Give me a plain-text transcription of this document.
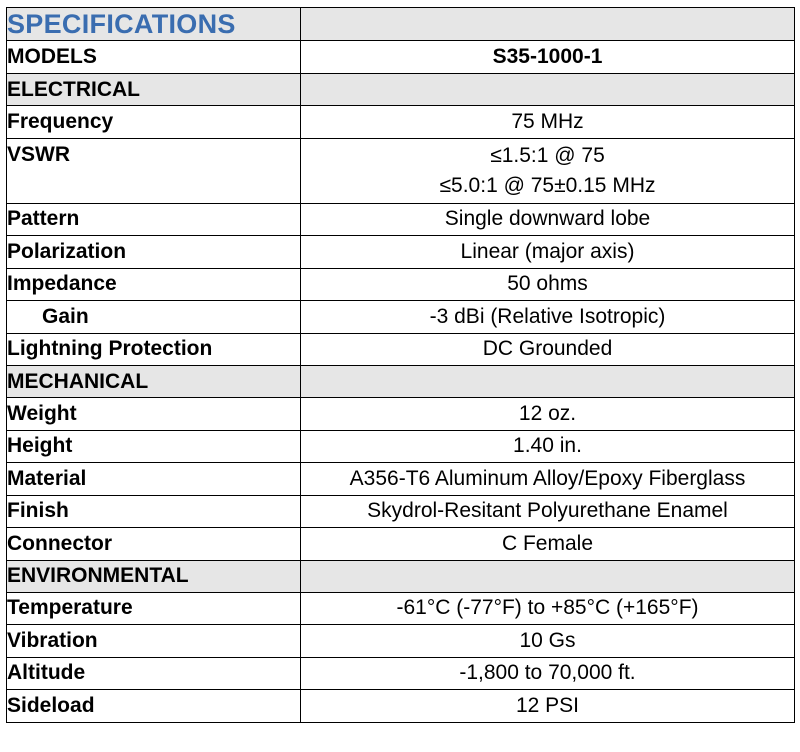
SPECIFICATIONS	
MODELS	S35-1000-1
ELECTRICAL	
Frequency	75 MHz
VSWR	≤1.5:1 @ 75
≤5.0:1 @ 75±0.15 MHz

Pattern	Single downward lobe
Polarization	Linear (major axis)
Impedance	50 ohms
Gain	-3 dBi (Relative Isotropic)
Lightning Protection	DC Grounded
MECHANICAL	
Weight	12 oz.
Height	1.40 in.
Material	A356-T6 Aluminum Alloy/Epoxy Fiberglass
Finish	Skydrol-Resitant Polyurethane Enamel
Connector	C Female
ENVIRONMENTAL	
Temperature	-61°C (-77°F) to +85°C (+165°F)
Vibration	10 Gs
Altitude	-1,800 to 70,000 ft.
Sideload	12 PSI
